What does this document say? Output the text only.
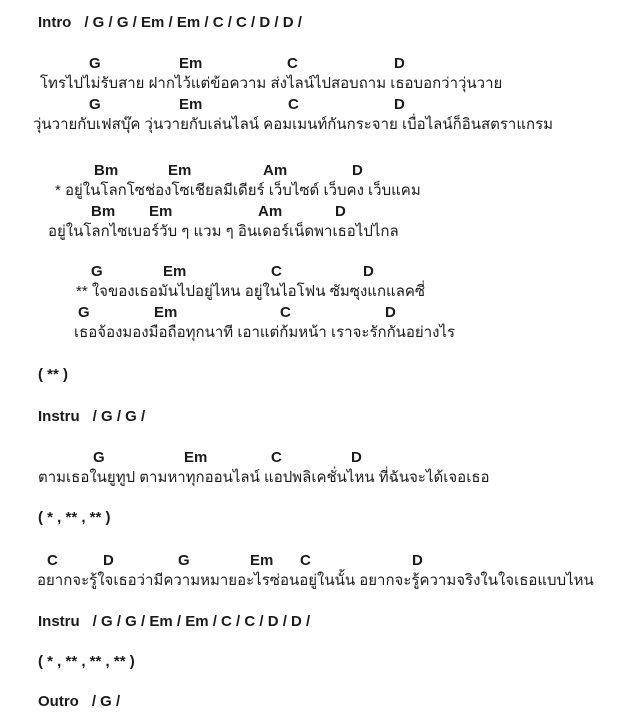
Intro / G / G / Em / Em / C / C / D / D /
G	Em	C	D
โทรไปไม่รับสาย ฝากไว้แต่ข้อความ ส่งไลน์ไปสอบถาม เธอบอกว่าวุ่นวาย
G	Em	C	D
วุ่นวายกับเฟสบุ๊ค วุ่นวายกับเล่นไลน์ คอมเมนท์กันกระจาย เบื่อไลน์ก็อินสตราแกรม
Bm	Em	Am	D
* อยู่ในโลกโซช่องโซเชียลมีเดียร์ เว็บไซด์ เว็บคง เว็บแคม
Bm Em	Am	D
อยู่ในโลกไซเบอร์วับ ๆ แวม ๆ อินเดอร์เน็ดพาเธอไปไกล
G	Em	C	D
** ใจของเธอมันไปอยู่ไหน อยู่ในไอโฟน ซัมซุงแกแลคซี่
G	Em	C	D
เธอจ้องมองมือถือทุกนาที เอาแต่ก้มหน้า เราจะรักกันอย่างไร
( ** )
Instru / G / G /
G	Em	C	D
ตามเธอในยูทูป ตามหาทุกออนไลน์ แอปพลิเคชั่นไหน ที่ฉันจะได้เจอเธอ
( * , ** , ** )
C	D	G	Em C	D
อยากจะรู้ใจเธอว่ามีความหมายอะไรซ่อนอยู่ในนั้น อยากจะรู้ความจริงในใจเธอแบบไหน
Instru / G / G / Em / Em / C / C / D / D /
( * , ** , ** , ** )
Outro / G /
